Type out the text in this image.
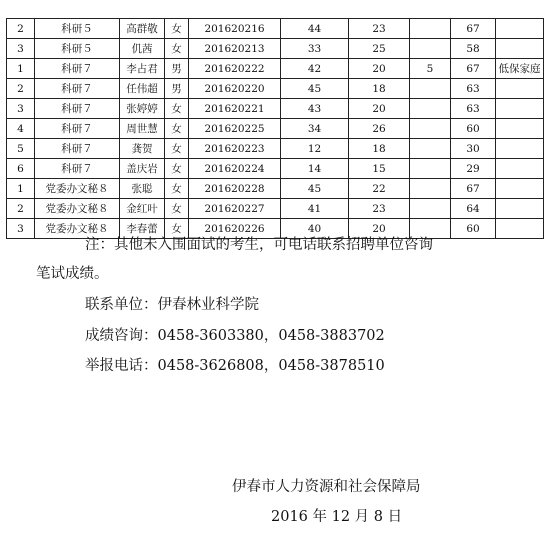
2	科研５	高群敬	女	201620216	44	23		67	
3	科研５	仉茜	女	201620213	33	25		58	
1	科研７	李占君	男	201620222	42	20	5	67	低保家庭
2	科研７	任伟超	男	201620220	45	18		63	
3	科研７	张婷婷	女	201620221	43	20		63	
4	科研７	周世慧	女	201620225	34	26		60	
5	科研７	龚贺	女	201620223	12	18		30	
6	科研７	盖庆岩	女	201620224	14	15		29	
1	党委办文秘８	张聪	女	201620228	45	22		67	
2	党委办文秘８	金红叶	女	201620227	41	23		64	
3	党委办文秘８	李春蕾	女	201620226	40	20		60	
注：其他未入围面试的考生，可电话联系招聘单位咨询
笔试成绩。
联系单位：伊春林业科学院
成绩咨询：0458-3603380，0458-3883702
举报电话：0458-3626808，0458-3878510
伊春市人力资源和社会保障局
2016 年 12 月 8 日
